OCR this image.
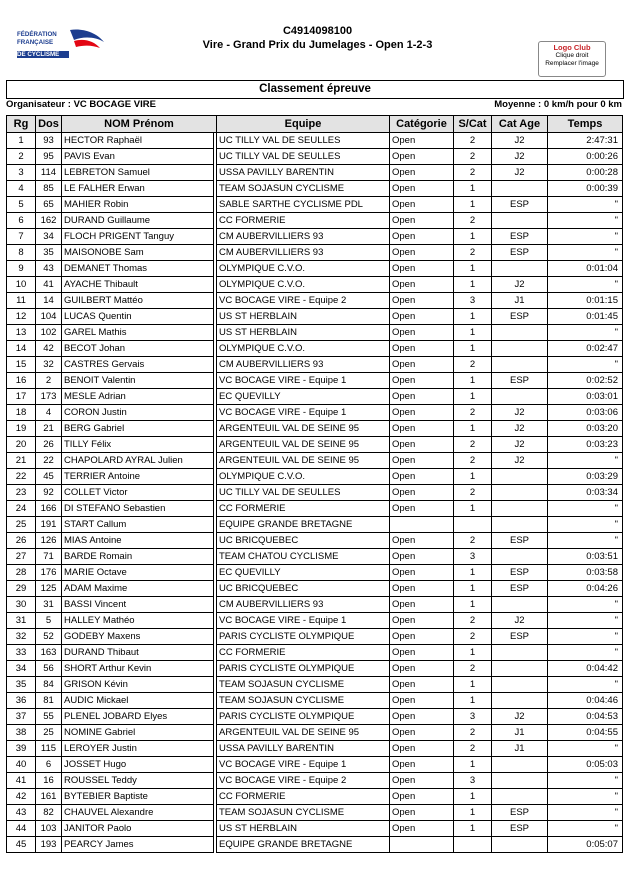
FÉDÉRATION
FRANÇAISE
DE CYCLISME
C4914098100
Vire - Grand Prix du Jumelages - Open 1-2-3	Logo Club
Clique droit
Remplacer l'image
Classement épreuve
Organisateur : VC BOCAGE VIRE	Moyenne : 0 km/h pour 0 km
Rg	Dos	NOM Prénom		Equipe	Catégorie	S/Cat	Cat Age	Temps
1	93	HECTOR Raphaël		UC TILLY VAL DE SEULLES	Open	2	J2	2:47:31
2	95	PAVIS Evan		UC TILLY VAL DE SEULLES	Open	2	J2	0:00:26
3	114	LEBRETON Samuel		USSA PAVILLY BARENTIN	Open	2	J2	0:00:28
4	85	LE FALHER Erwan		TEAM SOJASUN CYCLISME	Open	1		0:00:39
5	65	MAHIER Robin		SABLE SARTHE CYCLISME PDL	Open	1	ESP	"
6	162	DURAND Guillaume		CC FORMERIE	Open	2		"
7	34	FLOCH PRIGENT Tanguy		CM AUBERVILLIERS 93	Open	1	ESP	"
8	35	MAISONOBE Sam		CM AUBERVILLIERS 93	Open	2	ESP	"
9	43	DEMANET Thomas		OLYMPIQUE C.V.O.	Open	1		0:01:04
10	41	AYACHE Thibault		OLYMPIQUE C.V.O.	Open	1	J2	"
11	14	GUILBERT Mattéo		VC BOCAGE VIRE - Equipe 2	Open	3	J1	0:01:15
12	104	LUCAS Quentin		US ST HERBLAIN	Open	1	ESP	0:01:45
13	102	GAREL Mathis		US ST HERBLAIN	Open	1		"
14	42	BECOT Johan		OLYMPIQUE C.V.O.	Open	1		0:02:47
15	32	CASTRES Gervais		CM AUBERVILLIERS 93	Open	2		"
16	2	BENOIT Valentin		VC BOCAGE VIRE - Equipe 1	Open	1	ESP	0:02:52
17	173	MESLE Adrian		EC QUEVILLY	Open	1		0:03:01
18	4	CORON Justin		VC BOCAGE VIRE - Equipe 1	Open	2	J2	0:03:06
19	21	BERG Gabriel		ARGENTEUIL VAL DE SEINE 95	Open	1	J2	0:03:20
20	26	TILLY Félix		ARGENTEUIL VAL DE SEINE 95	Open	2	J2	0:03:23
21	22	CHAPOLARD AYRAL Julien		ARGENTEUIL VAL DE SEINE 95	Open	2	J2	"
22	45	TERRIER Antoine		OLYMPIQUE C.V.O.	Open	1		0:03:29
23	92	COLLET Victor		UC TILLY VAL DE SEULLES	Open	2		0:03:34
24	166	DI STEFANO Sebastien		CC FORMERIE	Open	1		"
25	191	START Callum		EQUIPE GRANDE BRETAGNE				"
26	126	MIAS Antoine		UC BRICQUEBEC	Open	2	ESP	"
27	71	BARDE Romain		TEAM CHATOU CYCLISME	Open	3		0:03:51
28	176	MARIE Octave		EC QUEVILLY	Open	1	ESP	0:03:58
29	125	ADAM Maxime		UC BRICQUEBEC	Open	1	ESP	0:04:26
30	31	BASSI Vincent		CM AUBERVILLIERS 93	Open	1		"
31	5	HALLEY Mathéo		VC BOCAGE VIRE - Equipe 1	Open	2	J2	"
32	52	GODEBY Maxens		PARIS CYCLISTE OLYMPIQUE	Open	2	ESP	"
33	163	DURAND Thibaut		CC FORMERIE	Open	1		"
34	56	SHORT Arthur Kevin		PARIS CYCLISTE OLYMPIQUE	Open	2		0:04:42
35	84	GRISON Kévin		TEAM SOJASUN CYCLISME	Open	1		"
36	81	AUDIC Mickael		TEAM SOJASUN CYCLISME	Open	1		0:04:46
37	55	PLENEL JOBARD Elyes		PARIS CYCLISTE OLYMPIQUE	Open	3	J2	0:04:53
38	25	NOMINE Gabriel		ARGENTEUIL VAL DE SEINE 95	Open	2	J1	0:04:55
39	115	LEROYER Justin		USSA PAVILLY BARENTIN	Open	2	J1	"
40	6	JOSSET Hugo		VC BOCAGE VIRE - Equipe 1	Open	1		0:05:03
41	16	ROUSSEL Teddy		VC BOCAGE VIRE - Equipe 2	Open	3		"
42	161	BYTEBIER Baptiste		CC FORMERIE	Open	1		"
43	82	CHAUVEL Alexandre		TEAM SOJASUN CYCLISME	Open	1	ESP	"
44	103	JANITOR Paolo		US ST HERBLAIN	Open	1	ESP	"
45	193	PEARCY James		EQUIPE GRANDE BRETAGNE				0:05:07
